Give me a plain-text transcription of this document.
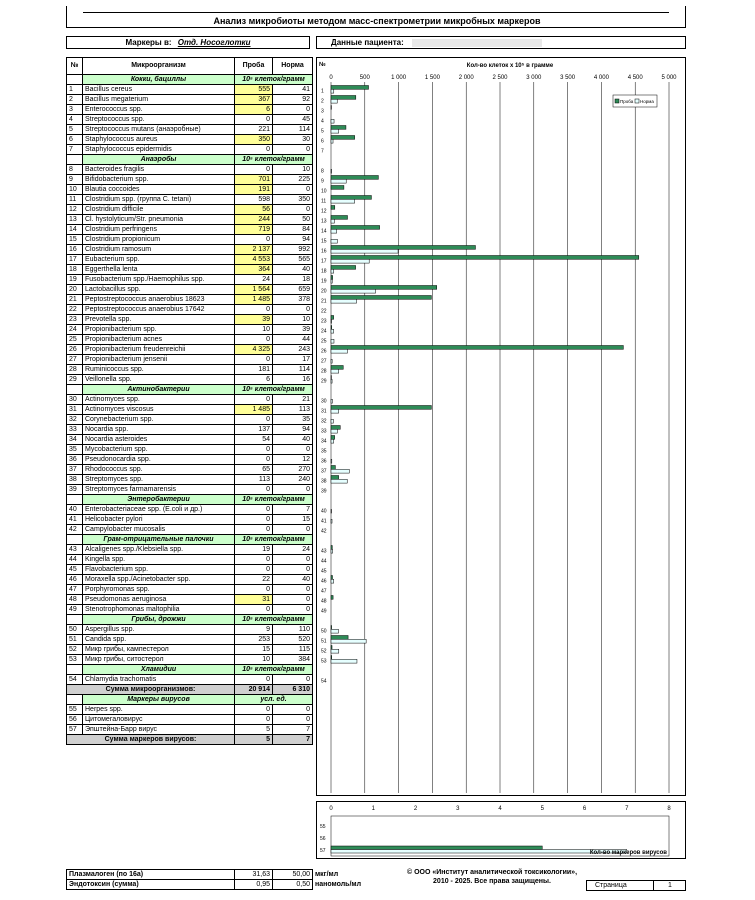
Анализ микробиоты методом масс-спектрометрии микробных маркеров
Маркеры в: Отд. Носоглотки	Данные пациента:
№	Микроорганизм	Проба	Норма
	Кокки, бациллы	10⁵ клеток/грамм	
1	Bacillus cereus	555	41
2	Bacillus megaterium	367	92
3	Enterococcus spp.	6	0
4	Streptococcus spp.	0	45
5	Streptococcus mutans (анаэробные)	221	114
6	Staphylococcus aureus	350	30
7	Staphylococcus epidermidis	0	0
	Анаэробы	10⁵ клеток/грамм	
8	Bacteroides fragilis	0	10
9	Bifidobacterium spp.	701	225
10	Blautia coccoides	191	0
11	Clostridium spp. (группа C. tetani)	598	350
12	Clostridium difficile	56	0
13	Cl. hystolyticum/Str. pneumonia	244	50
14	Clostridium perfringens	719	84
15	Clostridium propionicum	0	94
16	Clostridium ramosum	2 137	992
17	Eubacterium spp.	4 553	565
18	Eggerthella lenta	364	40
19	Fusobacterium spp./Haemophilus spp.	24	18
20	Lactobacillus spp.	1 564	659
21	Peptostreptococcus anaerobius 18623	1 485	378
22	Peptostreptococcus anaerobius 17642	0	0
23	Prevotella spp.	39	10
24	Propionibacterium spp.	10	39
25	Propionibacterium acnes	0	44
26	Propionibacterium freudenreichii	4 325	243
27	Propionibacterium jensenii	0	17
28	Ruminicoccus spp.	181	114
29	Veillonella spp.	6	16
	Актинобактерии	10⁵ клеток/грамм	
30	Actinomyces spp.	0	21
31	Actinomyces viscosus	1 485	113
32	Corynebacterium spp.	0	35
33	Nocardia spp.	137	94
34	Nocardia asteroides	54	40
35	Mycobacterium spp.	0	0
36	Pseudonocardia spp.	0	12
37	Rhodococcus spp.	65	270
38	Streptomyces spp.	113	240
39	Streptomyces farmamarensis	0	0
	Энтеробактерии	10⁵ клеток/грамм	
40	Enterobacteriaceae spp. (E.coli и др.)	0	7
41	Helicobacter pylori	0	15
42	Campylobacter mucosalis	0	0
	Грам-отрицательные палочки	10⁵ клеток/грамм	
43	Alcaligenes spp./Klebsiella spp.	19	24
44	Kingella spp.	0	0
45	Flavobacterium spp.	0	0
46	Moraxella spp./Acinetobacter spp.	22	40
47	Porphyromonas spp.	0	0
48	Pseudomonas aeruginosa	31	0
49	Stenotrophomonas maltophilia	0	0
	Грибы, дрожжи	10⁵ клеток/грамм	
50	Aspergillus spp.	9	110
51	Candida spp.	253	520
52	Микр грибы, кампестерол	15	115
53	Микр грибы, ситостерол	10	384
	Хламидии	10⁵ клеток/грамм	
54	Chlamydia trachomatis	0	0
Сумма микроорганизмов:		20 914	6 310
	Маркеры вирусов	усл. ед.	
55	Herpes spp.	0	0
56	Цитомегаловирус	0	0
57	Эпштейна-Барр вирус	5	7
Сумма маркеров вирусов:		5	7
№	Кол-во клеток х 10⁵ в грамме
0	500	1 000	1 500	2 000	2 500	3 000	3 500	4 000	4 500	5 000
Проба Норма
1
2
3
4
5
6
7
8
9
10
11
12
13
14
15
16
17
18
19
20
21
22
23
24
25
26
27
28
29
30
31
32
33
34
35
36
37
38
39
40
41
42
43
44
45
46
47
48
49
50
51
52
53
54
0	1	2	3	4	5	6	7	8
55
56
57	Кол-во маркеров вирусов
Плазмалоген (по 16а)	31,63	50,00	мкг/мл
Эндотоксин (сумма)	0,95	0,50	наномоль/мл
© ООО «Институт аналитической токсикологии»,
2010 - 2025. Все права защищены.
Страница	1
